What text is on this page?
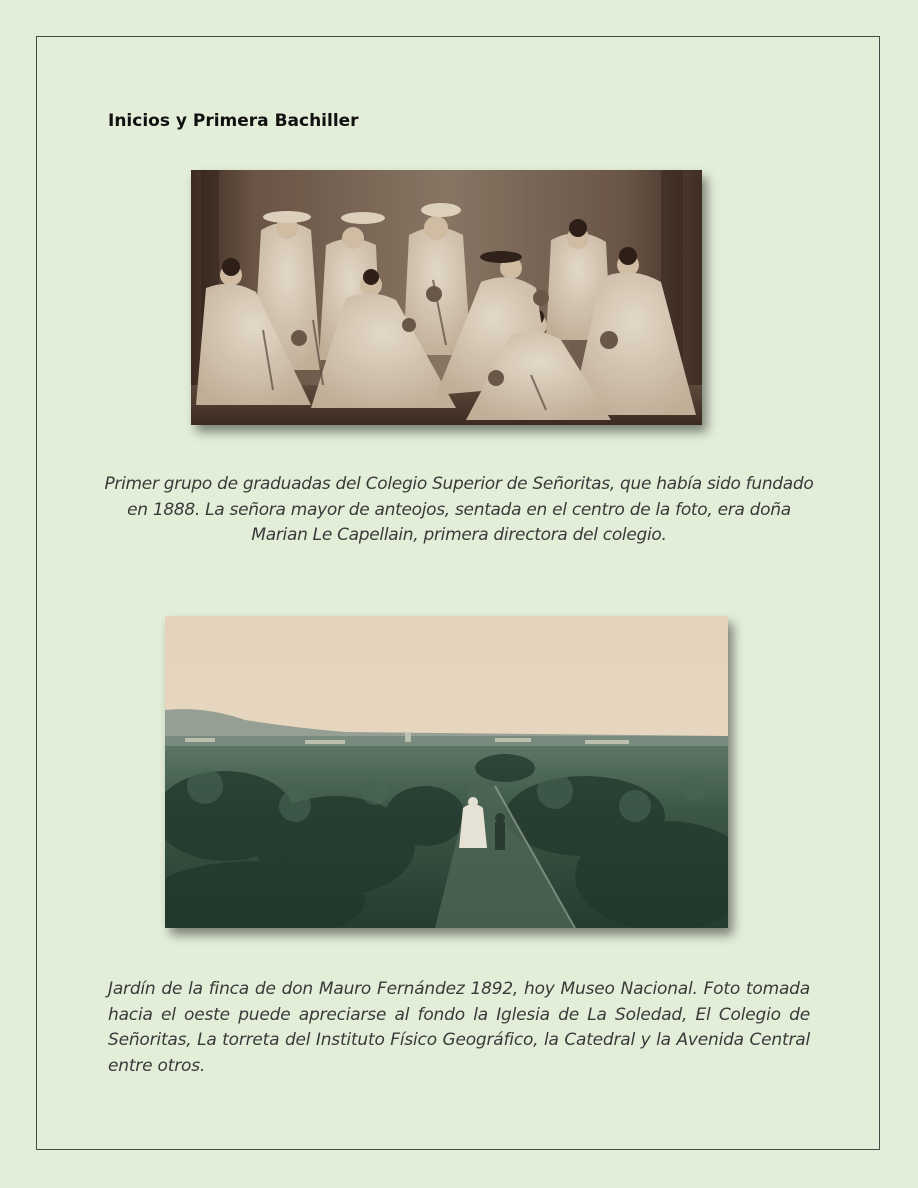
Inicios y Primera Bachiller

Primer grupo de graduadas del Colegio Superior de Señoritas, que había sido fundado en 1888. La señora mayor de anteojos, sentada en el centro de la foto, era doña Marian Le Capellain, primera directora del colegio.

Jardín de la finca de don Mauro Fernández 1892, hoy Museo Nacional. Foto tomada hacia el oeste puede apreciarse al fondo la Iglesia de La Soledad, El Colegio de Señoritas, La torreta del Instituto Físico Geográfico, la Catedral y la Avenida Central entre otros.
